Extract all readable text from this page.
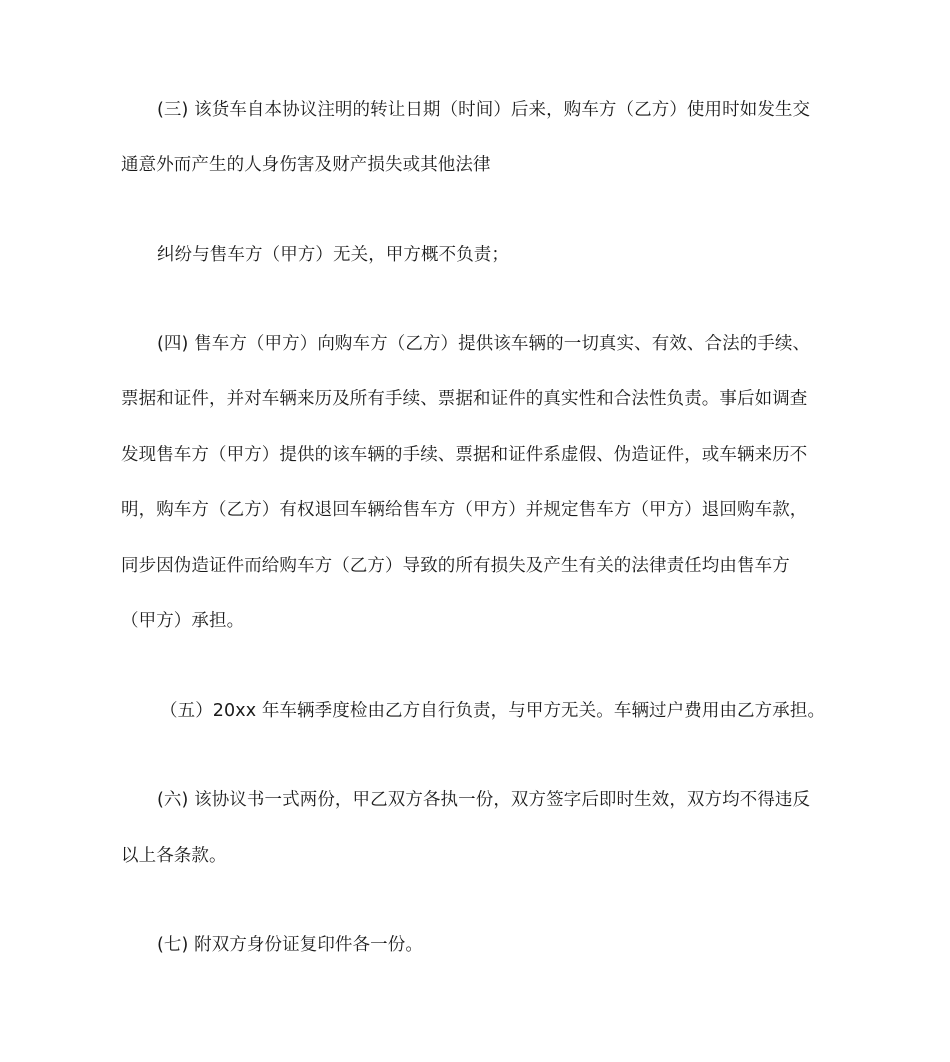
(三) 该货车自本协议注明的转让日期（时间）后来，购车方（乙方）使用时如发生交
通意外而产生的人身伤害及财产损失或其他法律
纠纷与售车方（甲方）无关，甲方概不负责；
(四) 售车方（甲方）向购车方（乙方）提供该车辆的一切真实、有效、合法的手续、
票据和证件，并对车辆来历及所有手续、票据和证件的真实性和合法性负责。事后如调查
发现售车方（甲方）提供的该车辆的手续、票据和证件系虚假、伪造证件，或车辆来历不
明，购车方（乙方）有权退回车辆给售车方（甲方）并规定售车方（甲方）退回购车款，
同步因伪造证件而给购车方（乙方）导致的所有损失及产生有关的法律责任均由售车方
（甲方）承担。
（五）20xx 年车辆季度检由乙方自行负责，与甲方无关。车辆过户费用由乙方承担。
(六) 该协议书一式两份，甲乙双方各执一份，双方签字后即时生效，双方均不得违反
以上各条款。
(七) 附双方身份证复印件各一份。
